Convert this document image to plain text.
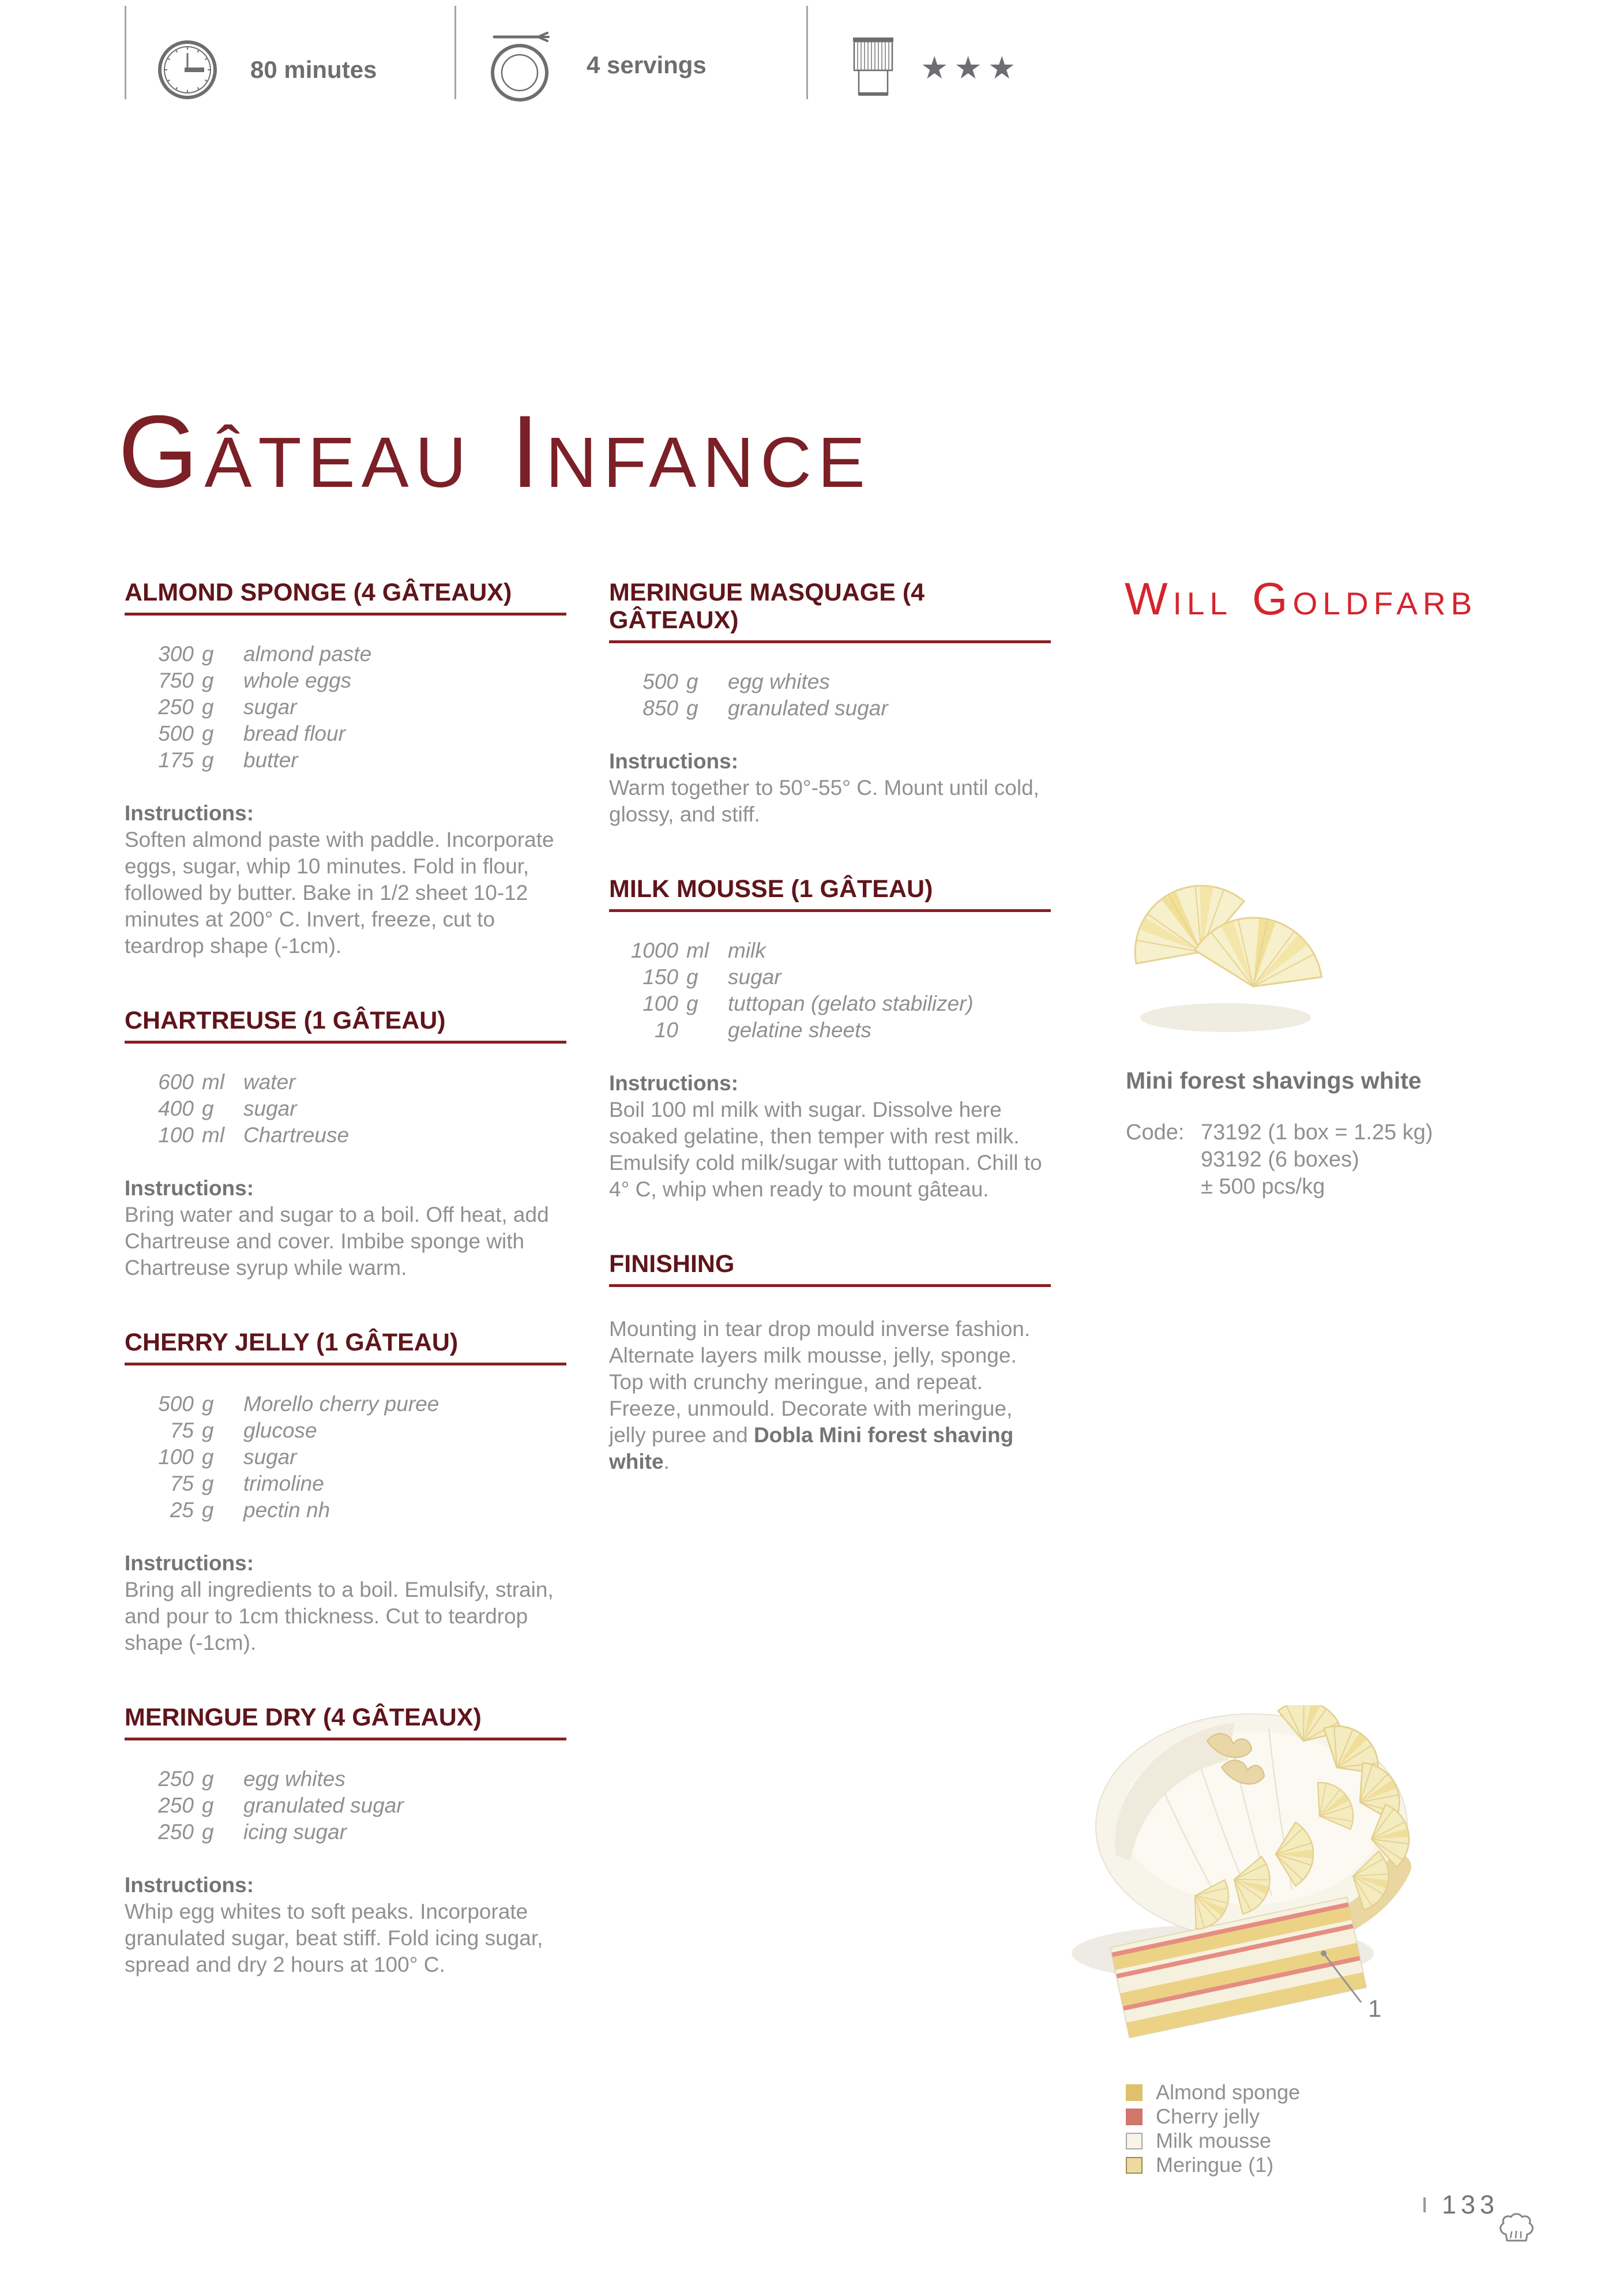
80 minutes	4 servings	★★★
GÂTEAU INFANCE
ALMOND SPONGE (4 GÂTEAUX)
300 g	almond paste
750 g	whole eggs
250 g	sugar
500 g	bread flour
175 g	butter

Instructions:

Soften almond paste with paddle. Incorporate eggs, sugar, whip 10 minutes. Fold in flour, followed by butter. Bake in 1/2 sheet 10-12 minutes at 200° C. Invert, freeze, cut to teardrop shape (-1cm).

CHARTREUSE (1 GÂTEAU)
600 ml water
400 g	sugar
100 ml Chartreuse

Instructions:

Bring water and sugar to a boil. Off heat, add Chartreuse and cover. Imbibe sponge with Chartreuse syrup while warm.

CHERRY JELLY (1 GÂTEAU)
500 g	Morello cherry puree
75 g	glucose
100 g	sugar
75 g	trimoline
25 g	pectin nh

Instructions:

Bring all ingredients to a boil. Emulsify, strain, and pour to 1cm thickness. Cut to teardrop shape (-1cm).

MERINGUE DRY (4 GÂTEAUX)
250 g	egg whites
250 g	granulated sugar
250 g	icing sugar

Instructions:

Whip egg whites to soft peaks. Incorporate granulated sugar, beat stiff. Fold icing sugar, spread and dry 2 hours at 100° C.

MERINGUE MASQUAGE (4 GÂTEAUX)
500 g	egg whites
850 g	granulated sugar

Instructions:

Warm together to 50°-55° C. Mount until cold, glossy, and stiff.

MILK MOUSSE (1 GÂTEAU)
1000 ml milk
150 g	sugar
100 g	tuttopan (gelato stabilizer)
10 gelatine sheets

Instructions:

Boil 100 ml milk with sugar. Dissolve here soaked gelatine, then temper with rest milk. Emulsify cold milk/sugar with tuttopan. Chill to 4° C, whip when ready to mount gâteau.

FINISHING

Mounting in tear drop mould inverse fashion. Alternate layers milk mousse, jelly, sponge. Top with crunchy meringue, and repeat. Freeze, unmould. Decorate with meringue, jelly puree and Dobla Mini forest shaving white.

WILL GOLDFARB

Mini forest shavings white

Code: 73192 (1 box = 1.25 kg)
93192 (6 boxes)
± 500 pcs/kg
1
Almond sponge
Cherry jelly
Milk mousse
Meringue (1)
133
